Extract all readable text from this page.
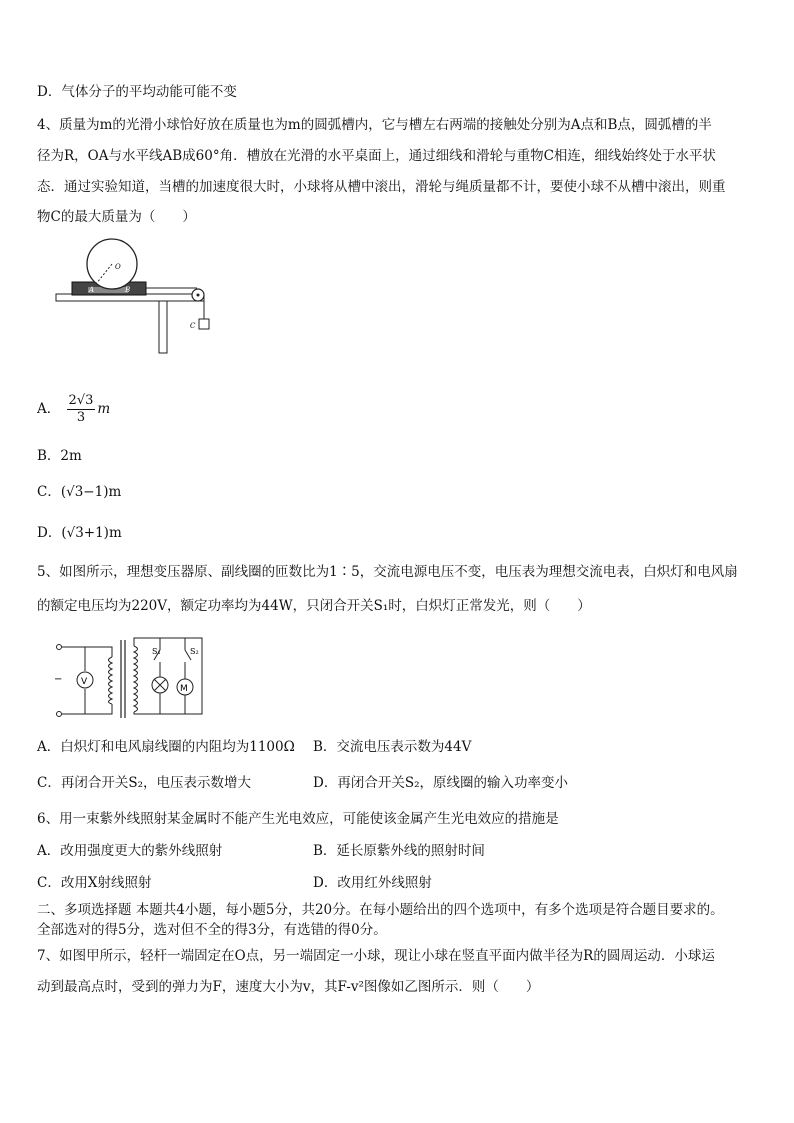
D．气体分子的平均动能可能不变
4、质量为m的光滑小球恰好放在质量也为m的圆弧槽内，它与槽左右两端的接触处分别为A点和B点，圆弧槽的半
径为R，OA与水平线AB成60°角．槽放在光滑的水平桌面上，通过细线和滑轮与重物C相连，细线始终处于水平状
态．通过实验知道，当槽的加速度很大时，小球将从槽中滚出，滑轮与绳质量都不计，要使小球不从槽中滚出，则重
物C的最大质量为（　　）
O
A	B
C
A． $\frac{2√3}{3}$ m
B．2m
C．(√3−1)m
D．(√3+1)m
5、如图所示，理想变压器原、副线圈的匝数比为1∶5，交流电源电压不变，电压表为理想交流电表，白炽灯和电风扇
的额定电压均为220V，额定功率均为44W，只闭合开关S₁时，白炽灯正常发光，则（　　）
− V
S₁
M
S₂
A．白炽灯和电风扇线圈的内阻均为1100Ω B．交流电压表示数为44V
C．再闭合开关S₂，电压表示数增大	D．再闭合开关S₂，原线圈的输入功率变小
6、用一束紫外线照射某金属时不能产生光电效应，可能使该金属产生光电效应的措施是
A．改用强度更大的紫外线照射	B．延长原紫外线的照射时间
C．改用X射线照射	D．改用红外线照射
二、多项选择题 本题共4小题，每小题5分，共20分。在每小题给出的四个选项中，有多个选项是符合题目要求的。
全部选对的得5分，选对但不全的得3分，有选错的得0分。
7、如图甲所示，轻杆一端固定在O点，另一端固定一小球，现让小球在竖直平面内做半径为R的圆周运动．小球运
动到最高点时，受到的弹力为F，速度大小为v，其F-v²图像如乙图所示．则（　　）
